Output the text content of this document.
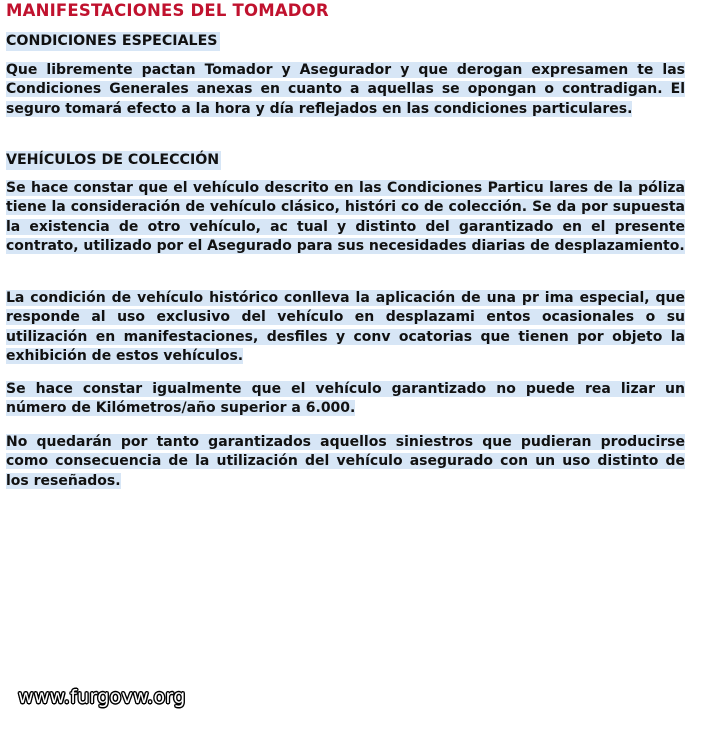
MANIFESTACIONES DEL TOMADOR
CONDICIONES ESPECIALES

Que libremente pactan Tomador y Asegurador y que derogan expresamen te las Condiciones Generales anexas en cuanto a aquellas se opongan o contradigan. El seguro tomará efecto a la hora y día reflejados en las condiciones particulares.

VEHÍCULOS DE COLECCIÓN

Se hace constar que el vehículo descrito en las Condiciones Particu lares de la póliza tiene la consideración de vehículo clásico, históri co de colección. Se da por supuesta la existencia de otro vehículo, ac tual y distinto del garantizado en el presente contrato, utilizado por el Asegurado para sus necesidades diarias de desplazamiento.

La condición de vehículo histórico conlleva la aplicación de una pr ima especial, que responde al uso exclusivo del vehículo en desplazami entos ocasionales o su utilización en manifestaciones, desfiles y conv ocatorias que tienen por objeto la exhibición de estos vehículos.

Se hace constar igualmente que el vehículo garantizado no puede rea lizar un número de Kilómetros/año superior a 6.000.

No quedarán por tanto garantizados aquellos siniestros que pudieran producirse como consecuencia de la utilización del vehículo asegurado con un uso distinto de los reseñados.

www.furgovw.org
